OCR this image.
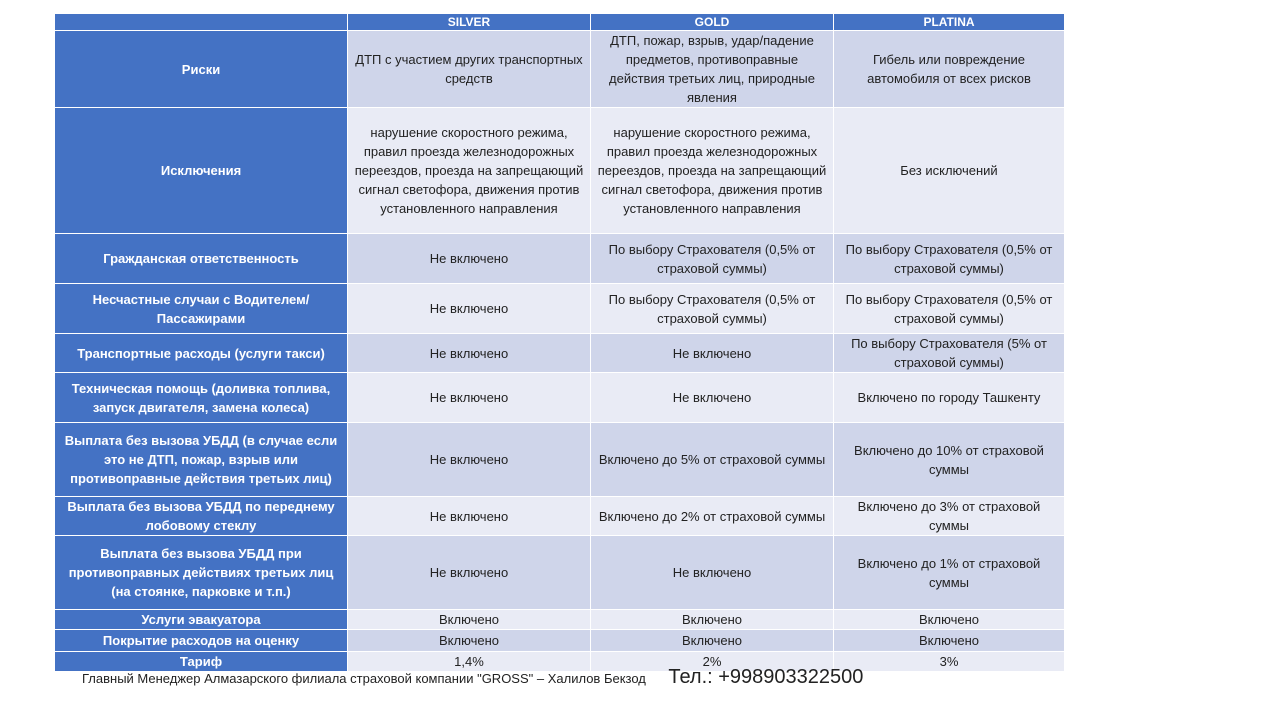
	SILVER	GOLD	PLATINA
Риски	ДТП с участием других транспортных средств	ДТП, пожар, взрыв, удар/падение предметов, противоправные действия третьих лиц, природные явления	Гибель или повреждение автомобиля от всех рисков
Исключения	нарушение скоростного режима, правил проезда железнодорожных переездов, проезда на запрещающий сигнал светофора, движения против установленного направления	нарушение скоростного режима, правил проезда железнодорожных переездов, проезда на запрещающий сигнал светофора, движения против установленного направления	Без исключений
Гражданская ответственность	Не включено	По выбору Страхователя (0,5% от страховой суммы)	По выбору Страхователя (0,5% от страховой суммы)
Несчастные случаи с Водителем/Пассажирами	Не включено	По выбору Страхователя (0,5% от страховой суммы)	По выбору Страхователя (0,5% от страховой суммы)
Транспортные расходы (услуги такси)	Не включено	Не включено	По выбору Страхователя (5% от страховой суммы)
Техническая помощь (доливка топлива, запуск двигателя, замена колеса)	Не включено	Не включено	Включено по городу Ташкенту
Выплата без вызова УБДД (в случае если это не ДТП, пожар, взрыв или противоправные действия третьих лиц)	Не включено	Включено до 5% от страховой суммы	Включено до 10% от страховой суммы
Выплата без вызова УБДД по переднему лобовому стеклу	Не включено	Включено до 2% от страховой суммы	Включено до 3% от страховой суммы
Выплата без вызова УБДД при противоправных действиях третьих лиц (на стоянке, парковке и т.п.)	Не включено	Не включено	Включено до 1% от страховой суммы
Услуги эвакуатора	Включено	Включено	Включено
Покрытие расходов на оценку	Включено	Включено	Включено
Тариф	1,4%	2%	3%
Главный Менеджер Алмазарского филиала страховой компании "GROSS" – Халилов Бекзод Тел.: +998903322500
